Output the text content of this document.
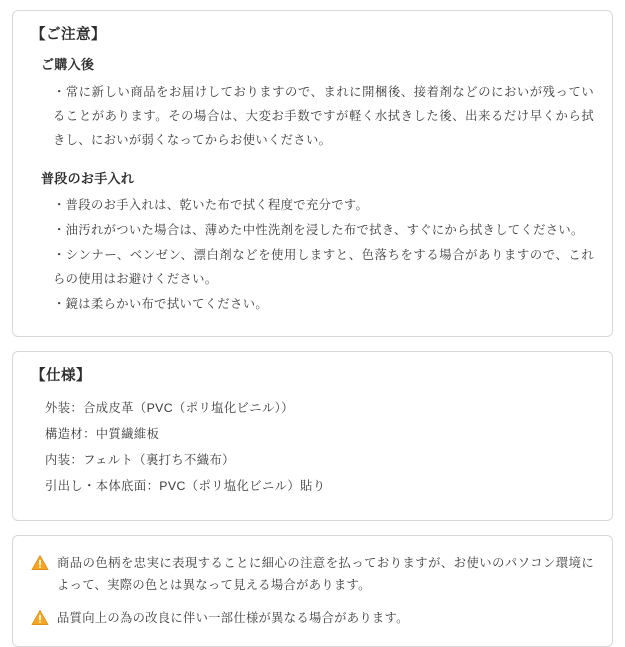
【ご注意】
ご購入後
・常に新しい商品をお届けしておりますので、まれに開梱後、接着剤などのにおいが残っていることがあります。その場合は、大変お手数ですが軽く水拭きした後、出来るだけ早くから拭きし、においが弱くなってからお使いください。
普段のお手入れ
・普段のお手入れは、乾いた布で拭く程度で充分です。
・油汚れがついた場合は、薄めた中性洗剤を浸した布で拭き、すぐにから拭きしてください。
・シンナー、ベンゼン、漂白剤などを使用しますと、色落ちをする場合がありますので、これらの使用はお避けください。
・鏡は柔らかい布で拭いてください。
【仕様】
外装：合成皮革（PVC（ポリ塩化ビニル））
構造材：中質繊維板
内装：フェルト（裏打ち不織布）
引出し・本体底面：PVC（ポリ塩化ビニル）貼り
商品の色柄を忠実に表現することに細心の注意を払っておりますが、お使いのパソコン環境によって、実際の色とは異なって見える場合があります。
品質向上の為の改良に伴い一部仕様が異なる場合があります。
